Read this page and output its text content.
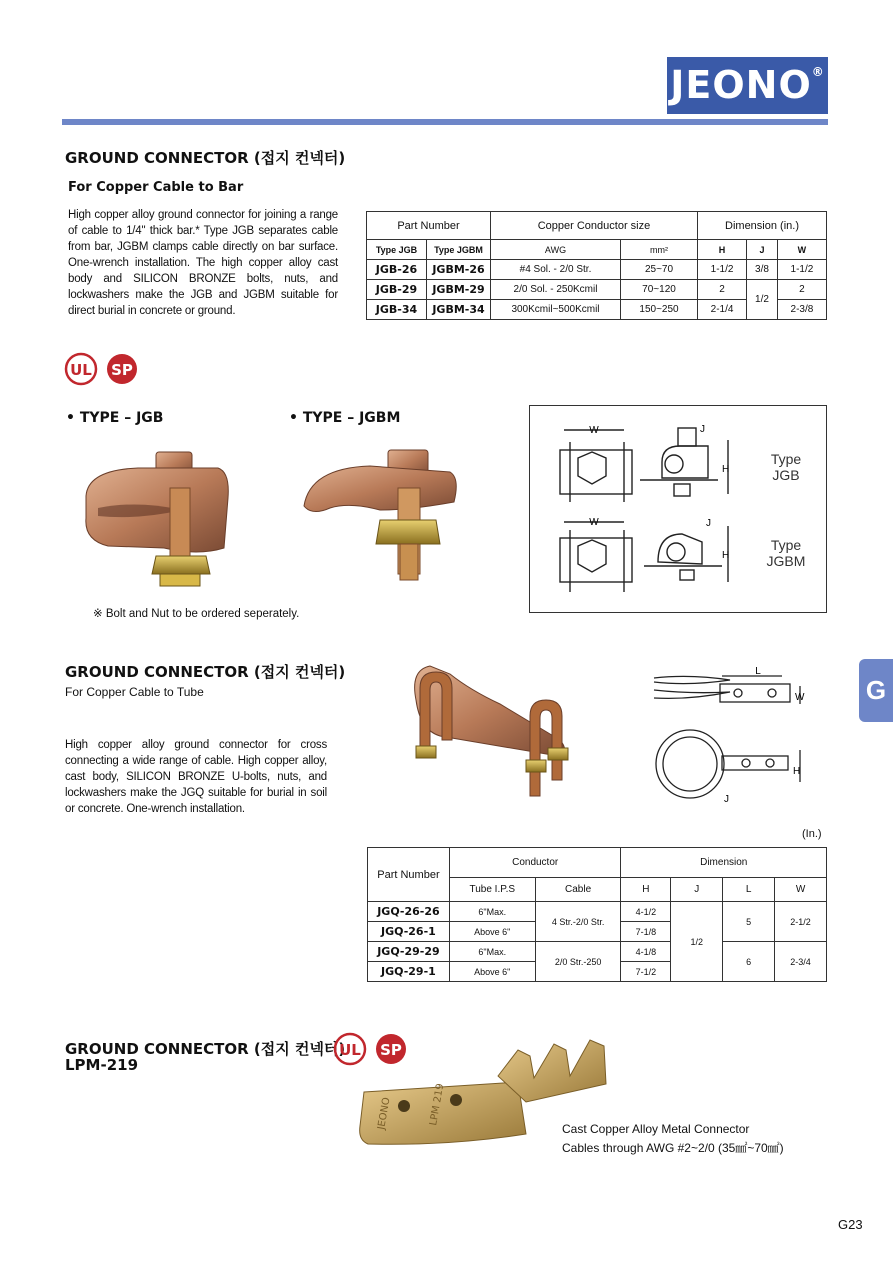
JEONO®
GROUND CONNECTOR (접지 컨넥터)
For Copper Cable to Bar
High copper alloy ground connector for joining a range of cable to 1/4" thick bar.* Type JGB separates cable from bar, JGBM clamps cable directly on bar surface. One-wrench installation. The high copper alloy cast body and SILICON BRONZE bolts, nuts, and lockwashers make the JGB and JGBM suitable for direct burial in concrete or ground.
Part Number		Copper Conductor size		Dimension (in.)		
Type JGB	Type JGBM	AWG	mm²	H	J	W
JGB-26	JGBM-26	#4 Sol. - 2/0 Str.	25~70	1-1/2	3/8	1-1/2
JGB-29	JGBM-29	2/0 Sol. - 250Kcmil	70~120	2	1/2	2
JGB-34	JGBM-34	300Kcmil~500Kcmil	150~250	2-1/4		2-3/8
UL SP
• TYPE – JGB	• TYPE – JGBM
※ Bolt and Nut to be ordered seperately.
W	J
H
W	J
H
Type
JGB
Type
JGBM
G
GROUND CONNECTOR (접지 컨넥터)
For Copper Cable to Tube
High copper alloy ground connector for cross connecting a wide range of cable. High copper alloy, cast body, SILICON BRONZE U-bolts, nuts, and lockwashers make the JGQ suitable for burial in soil or concrete. One-wrench installation.
L
W
H
J
(In.)
Part Number	Conductor		Dimension			
	Tube I.P.S	Cable	H	J	L	W
JGQ-26-26	6"Max.	4 Str.-2/0 Str.	4-1/2	1/2	5	2-1/2
JGQ-26-1	Above 6"		7-1/8			
JGQ-29-29	6"Max.	2/0 Str.-250	4-1/8		6	2-3/4
JGQ-29-1	Above 6"		7-1/2			
GROUND CONNECTOR (접지 컨넥터)
LPM-219
UL SP
JEONO	LPM 219
Cast Copper Alloy Metal Connector
Cables through AWG #2~2/0 (35㎟~70㎟)
G23
